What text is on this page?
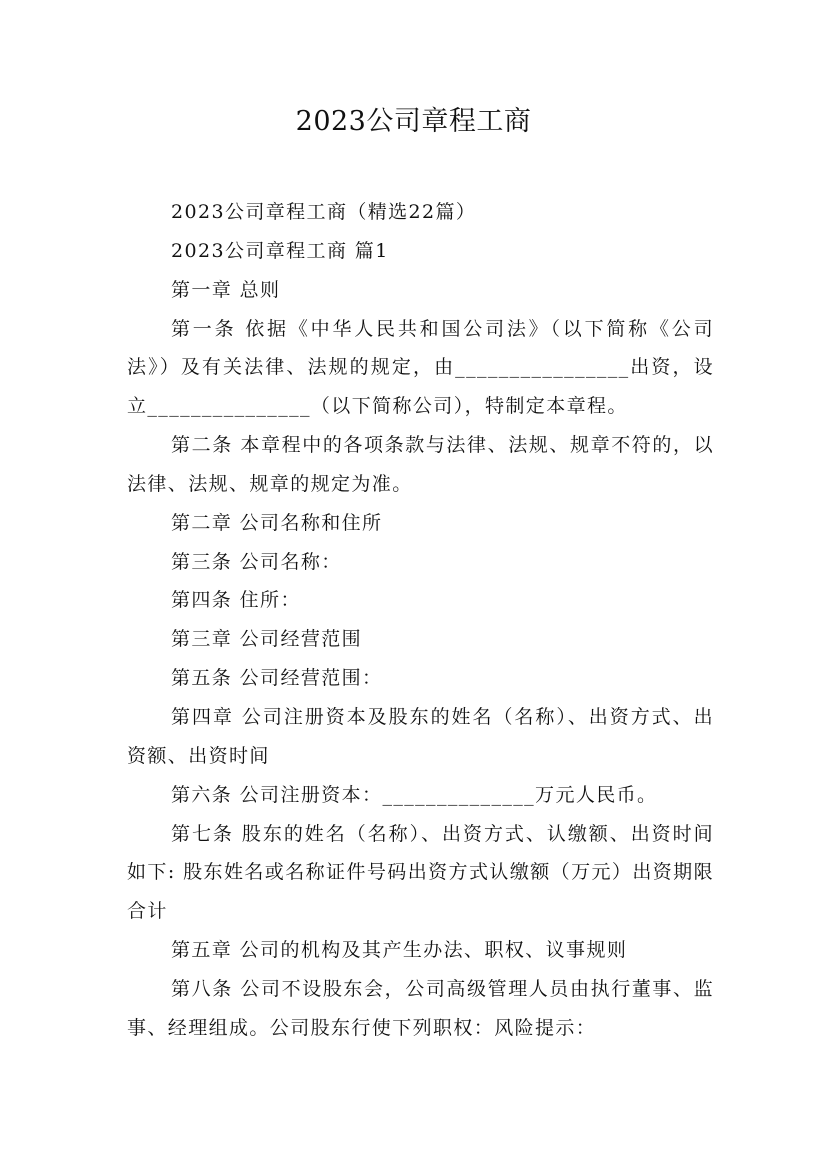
2023公司章程工商

2023公司章程工商（精选22篇）

2023公司章程工商 篇1

第一章 总则

第一条 依据《中华人民共和国公司法》（以下简称《公司法》）及有关法律、法规的规定，由________________出资，设立_______________（以下简称公司），特制定本章程。

第二条 本章程中的各项条款与法律、法规、规章不符的，以法律、法规、规章的规定为准。

第二章 公司名称和住所

第三条 公司名称：

第四条 住所：

第三章 公司经营范围

第五条 公司经营范围：

第四章 公司注册资本及股东的姓名（名称）、出资方式、出资额、出资时间

第六条 公司注册资本：______________万元人民币。

第七条 股东的姓名（名称）、出资方式、认缴额、出资时间如下: 股东姓名或名称证件号码出资方式认缴额（万元）出资期限合计

第五章 公司的机构及其产生办法、职权、议事规则

第八条 公司不设股东会，公司高级管理人员由执行董事、监事、经理组成。公司股东行使下列职权：风险提示：
